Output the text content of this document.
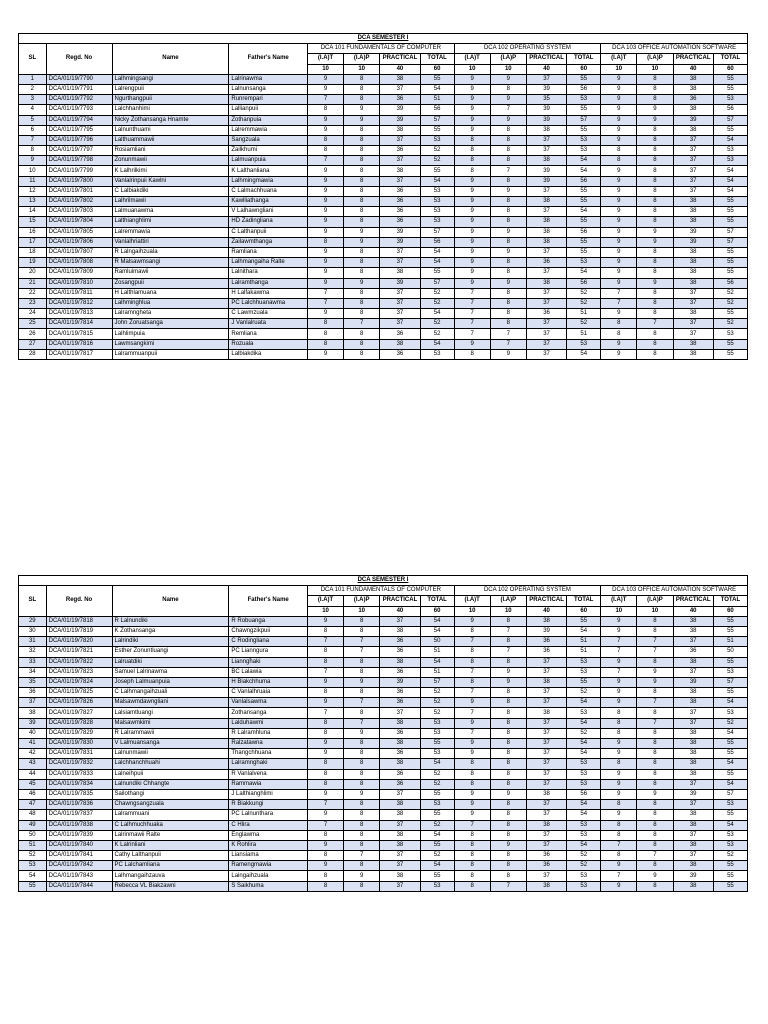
DCA SEMESTER I															
SL	Regd. No	Name	Father's Name	DCA 101 FUNDAMENTALS OF COMPUTER				DCA 102 OPERATING SYSTEM				DCA 103 OFFICE AUTOMATION SOFTWARE			
				(I.A)T	(I.A)P	PRACTICAL	TOTAL	(I.A)T	(I.A)P	PRACTICAL	TOTAL	(I.A)T	(I.A)P	PRACTICAL	TOTAL
				10	10	40	60	10	10	40	60	10	10	40	60
1	DCA/01/19/7790	Lalhmingsangi	Lalrinawma	9	8	38	55	9	9	37	55	9	8	38	55
2	DCA/01/19/7791	Lalrengpuii	Lalnunsanga	9	8	37	54	9	8	39	56	9	8	38	55
3	DCA/01/19/7792	Ngurthangpuii	Runrempari	7	8	36	51	9	9	35	53	9	8	36	53
4	DCA/01/19/7793	Lalchhanhimi	Lallianpuii	8	9	39	56	9	7	39	55	9	9	38	56
5	DCA/01/19/7794	Nicky Zothansanga Hnamte	Zothanpuia	9	9	39	57	9	9	39	57	9	9	39	57
6	DCA/01/19/7795	Lalnunthuami	Lalremmawia	9	8	38	55	9	8	38	55	9	8	38	55
7	DCA/01/19/7796	Lalthuammawii	Sangzuala	8	8	37	53	8	8	37	53	9	8	37	54
8	DCA/01/19/7797	Rosiamliani	Zailkhumi	8	8	36	52	8	8	37	53	8	8	37	53
9	DCA/01/19/7798	Zonunmawii	Lalmuanpuia	7	8	37	52	8	8	38	54	8	8	37	53
10	DCA/01/19/7799	K Lalhrilkimi	K Lalthanliana	9	8	38	55	8	7	39	54	9	8	37	54
11	DCA/01/19/7800	Vanlalrinpuii Kawlni	Lalhmingmawia	9	8	37	54	9	8	39	56	9	8	37	54
12	DCA/01/19/7801	C Lalbiakdiki	C Lalmachhuana	9	8	36	53	9	9	37	55	9	8	37	54
13	DCA/01/19/7802	Lalhrilmawii	Kawlliathanga	9	8	36	53	9	8	38	55	9	8	38	55
14	DCA/01/19/7803	Lalmuanawma	V Lalhawngliani	9	8	36	53	9	8	37	54	9	8	38	55
15	DCA/01/19/7804	Lalthianghlimi	HD Zadingliana	9	8	36	53	9	8	38	55	9	8	38	55
16	DCA/01/19/7805	Lalremmawia	C Lalthanpuii	9	9	39	57	9	9	38	56	9	9	39	57
17	DCA/01/19/7806	Vanlalhriattiri	Zailawmthanga	8	9	39	56	9	8	38	55	9	9	39	57
18	DCA/01/19/7807	R Lalngaihzuala	Ramliana	9	8	37	54	9	9	37	55	9	8	38	55
19	DCA/01/19/7808	R Malsawmsangi	Lalhmangaiha Ralte	9	8	37	54	9	8	36	53	9	8	38	55
20	DCA/01/19/7809	Ramluimawii	Lalnithara	9	8	38	55	9	8	37	54	9	8	38	55
21	DCA/01/19/7810	Zosangpuii	Lalramthanga	9	9	39	57	9	9	38	56	9	9	38	56
22	DCA/01/19/7811	H Lalthlamuana	H Lalfakawma	7	8	37	52	7	8	37	52	7	8	37	52
23	DCA/01/19/7812	Lalhminghlua	PC Lalchhuanawma	7	8	37	52	7	8	37	52	7	8	37	52
24	DCA/01/19/7813	Lalramngheta	C Lawmzuala	9	8	37	54	7	8	36	51	9	8	38	55
25	DCA/01/19/7814	John Zoruatsanga	J Vanlalruata	8	7	37	52	7	8	37	52	8	7	37	52
26	DCA/01/19/7815	Lalhlimpuia	Remliana	8	8	36	52	7	7	37	51	8	8	37	53
27	DCA/01/19/7816	Lawmsangkimi	Rozuala	8	8	38	54	9	7	37	53	9	8	38	55
28	DCA/01/19/7817	Lalrammuanpuii	Lalbiakdika	9	8	36	53	8	9	37	54	9	8	38	55
DCA SEMESTER I															
SL	Regd. No	Name	Father's Name	DCA 101 FUNDAMENTALS OF COMPUTER				DCA 102 OPERATING SYSTEM				DCA 103 OFFICE AUTOMATION SOFTWARE			
				(I.A)T	(I.A)P	PRACTICAL	TOTAL	(I.A)T	(I.A)P	PRACTICAL	TOTAL	(I.A)T	(I.A)P	PRACTICAL	TOTAL
				10	10	40	60	10	10	40	60	10	10	40	60
29	DCA/01/19/7818	R Lalnundiki	R Robuanga	9	8	37	54	9	8	38	55	9	8	38	55
30	DCA/01/19/7819	K Zothansanga	Chawngzikpuii	8	8	38	54	8	7	39	54	9	8	38	55
31	DCA/01/19/7820	Lalrindiki	C Rodingliana	7	7	36	50	7	8	36	51	7	7	37	51
32	DCA/01/19/7821	Esther Zonuntluangi	PC Lianngura	8	7	36	51	8	7	36	51	7	7	36	50
33	DCA/01/19/7822	Lalruatdiki	Lianngħaki	8	8	38	54	8	8	37	53	9	8	38	55
34	DCA/01/19/7823	Samuel Lalrinawma	BC Lalawia	7	8	36	51	7	9	37	53	7	9	37	53
35	DCA/01/19/7824	Joseph Lalmuanpuia	H Biakchhuma	9	9	39	57	8	9	38	55	9	9	39	57
36	DCA/01/19/7825	C Lalhmangaihzuali	C Vanlalhruaia	8	8	36	52	7	8	37	52	9	8	38	55
37	DCA/01/19/7826	Malsawmdawngliani	Vanlalsawma	9	7	36	52	9	8	37	54	9	7	38	54
38	DCA/01/19/7827	Lalsiamtluangi	Zothansanga	7	8	37	52	7	8	38	53	8	8	37	53
39	DCA/01/19/7828	Malsawmkimi	Lalduhawmi	8	7	38	53	9	8	37	54	8	7	37	52
40	DCA/01/19/7829	R Lalrammawii	R Lalramhluna	8	9	36	53	7	8	37	52	8	8	38	54
41	DCA/01/19/7830	V Lalmuansanga	Ralzatawna	9	8	38	55	9	8	37	54	9	8	38	55
42	DCA/01/19/7831	Lalnunmawii	Thangchhuana	9	8	36	53	9	8	37	54	9	8	38	55
43	DCA/01/19/7832	Lalchhanchhuahi	Lalramnghaki	8	8	38	54	8	8	37	53	8	8	38	54
44	DCA/01/19/7833	Lalneihpuii	R Vanlalvena	8	8	36	52	8	8	37	53	9	8	38	55
45	DCA/01/19/7834	Lalnundiki Chhangte	Rammawia	8	8	36	52	8	8	37	53	9	8	37	54
46	DCA/01/19/7835	Sailothangi	J Lalthianghlimi	9	9	37	55	9	9	38	56	9	9	39	57
47	DCA/01/19/7836	Chawngsangzuala	R Biakkungi	7	8	38	53	9	8	37	54	8	8	37	53
48	DCA/01/19/7837	Lalrammuani	PC Lalnunthara	9	8	38	55	9	8	37	54	9	8	38	55
49	DCA/01/19/7838	C Lalhmuchhuaka	C Hlira	7	8	37	52	7	8	38	53	8	8	38	54
50	DCA/01/19/7839	Lalrinmawii Ralte	Englawma	8	8	38	54	8	8	37	53	8	8	37	53
51	DCA/01/19/7840	K Lalrinliani	K Rohlira	9	8	38	55	8	9	37	54	7	8	38	53
52	DCA/01/19/7841	Cathy Lalthanpuii	Liansiama	8	7	37	52	8	8	36	52	8	7	37	52
53	DCA/01/19/7842	PC Lalchamliana	Ramengmawia	9	8	37	54	8	8	36	52	9	8	38	55
54	DCA/01/19/7843	Lalhmangaihzauva	Laingaihzuala	8	9	38	55	8	8	37	53	7	9	39	55
55	DCA/01/19/7844	Rebecca VL Biakzawni	S Saikhuma	8	8	37	53	8	7	38	53	9	8	38	55
